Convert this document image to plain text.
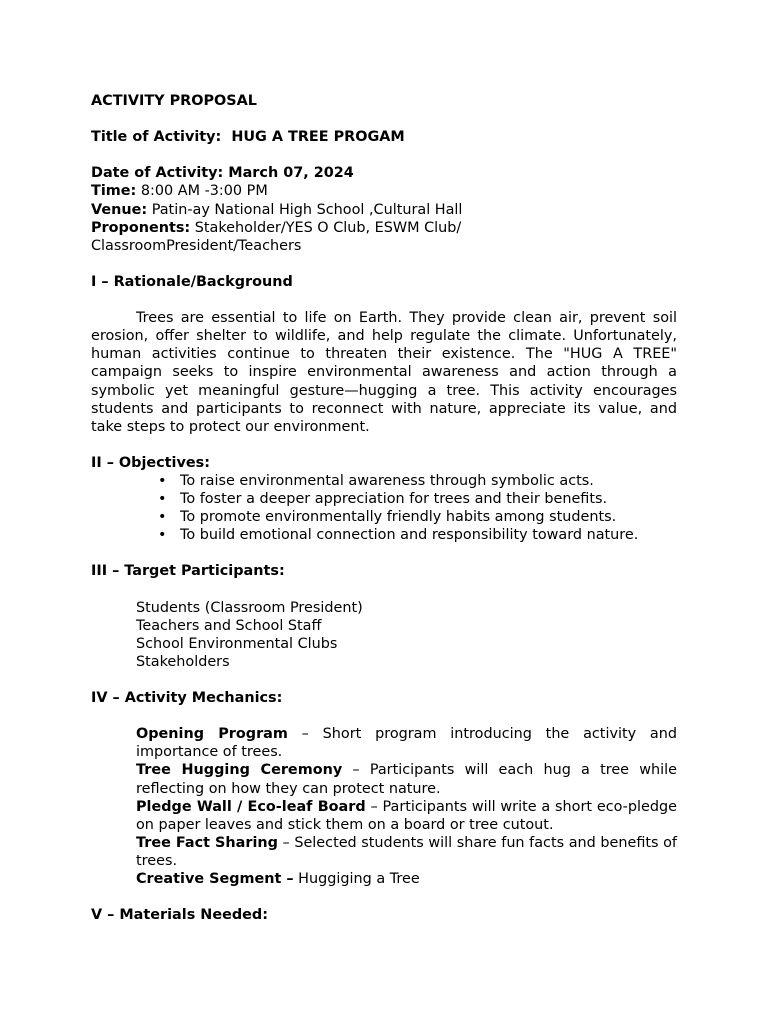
ACTIVITY PROPOSAL

Title of Activity: HUG A TREE PROGAM

Date of Activity: March 07, 2024

Time: 8:00 AM -3:00 PM

Venue: Patin-ay National High School ,Cultural Hall

Proponents: Stakeholder/YES O Club, ESWM Club/

ClassroomPresident/Teachers

I – Rationale/Background

Trees are essential to life on Earth. They provide clean air, prevent soil erosion, offer shelter to wildlife, and help regulate the climate. Unfortunately, human activities continue to threaten their existence. The "HUG A TREE" campaign seeks to inspire environmental awareness and action through a symbolic yet meaningful gesture—hugging a tree. This activity encourages students and participants to reconnect with nature, appreciate its value, and take steps to protect our environment.

II – Objectives:

• To raise environmental awareness through symbolic acts.
• To foster a deeper appreciation for trees and their benefits.
• To promote environmentally friendly habits among students.
• To build emotional connection and responsibility toward nature.

III – Target Participants:

Students (Classroom President)

Teachers and School Staff

School Environmental Clubs

Stakeholders

IV – Activity Mechanics:

Opening Program – Short program introducing the activity and importance of trees.

Tree Hugging Ceremony – Participants will each hug a tree while reflecting on how they can protect nature.

Pledge Wall / Eco-leaf Board – Participants will write a short eco-pledge on paper leaves and stick them on a board or tree cutout.

Tree Fact Sharing – Selected students will share fun facts and benefits of trees.

Creative Segment – Huggiging a Tree

V – Materials Needed:
